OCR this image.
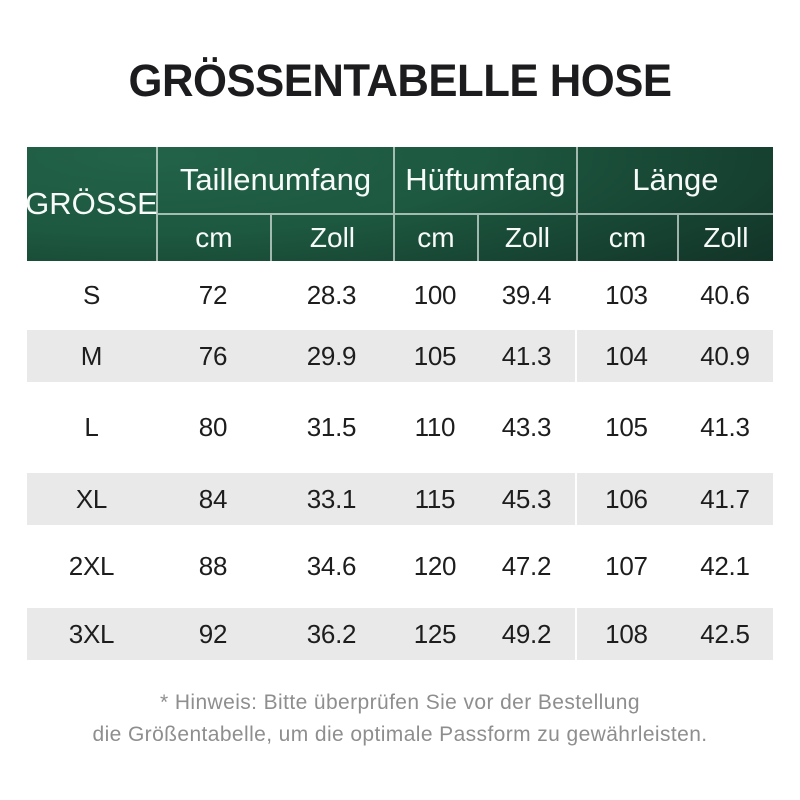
GRÖSSENTABELLE HOSE
GRÖSSE
Taillenumfang	Hüftumfang	Länge
cm	Zoll	cm	Zoll	cm	Zoll
S	72	28.3	100	39.4	103	40.6
M	76	29.9	105	41.3	104	40.9
L	80	31.5	110	43.3	105	41.3
XL	84	33.1	115	45.3	106	41.7
2XL	88	34.6	120	47.2	107	42.1
3XL	92	36.2	125	49.2	108	42.5
* Hinweis: Bitte überprüfen Sie vor der Bestellung
die Größentabelle, um die optimale Passform zu gewährleisten.
